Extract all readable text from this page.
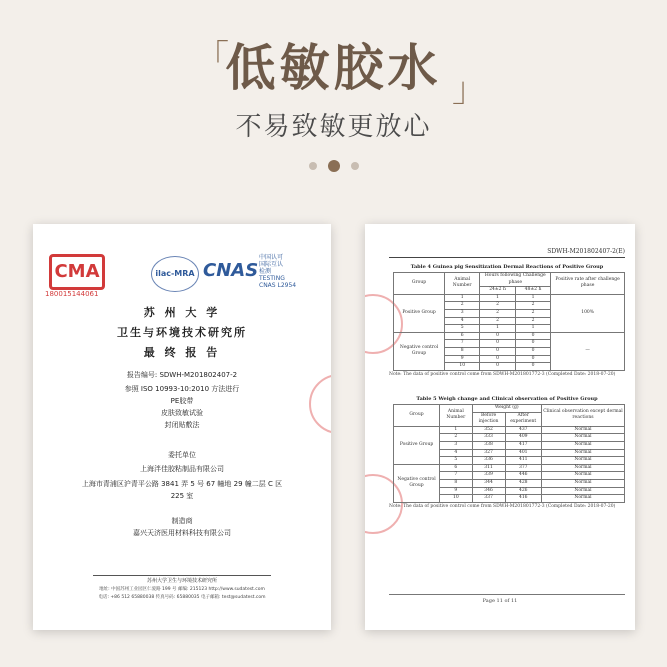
「
低敏胶水 」
不易致敏更放心
CMA
180015144061
ilac-MRA CNAS
中国认可
国际互认
检测
TESTING
CNAS L2954
苏 州 大 学
卫生与环境技术研究所
最 终 报 告
报告编号: SDWH-M201802407-2
参照 ISO 10993-10:2010 方法进行
PE胶带
皮肤致敏试验
封闭贴敷法
委托单位
上海泮佳胶粘制品有限公司
上海市青浦区沪青平公路 3841 弄 5 号 67 幢地 29 幢二层 C 区
225 室
制造商
嘉兴天济医用材料科技有限公司
苏州大学卫生与环境技术研究所
地址: 中国苏州工业园区仁爱路 199 号 邮编: 215123 http://www.sudatest.com
电话: +86 512 65880038 传真号码: 65880035 电子邮箱: test@sudatest.com
SDWH-M201802407-2(E)
Table 4 Guinea pig Sensitization Dermal Reactions of Positive Group
Group	Animal Number	Hours following Challenge phase		Positive rate after challenge phase
		24±2 h	48±2 h	
Positive Group	1	1	1	100%
	2	2	2	
	3	2	2	
	4	2	2	
	5	1	1	
Negative control Group	6	0	0	—
	7	0	0	
	8	0	0	
	9	0	0	
	10	0	0	
Note: The data of positive control come from SDWH-M201801772-3 (Completed Date: 2018-07-20)
Table 5 Weigh change and Clinical observation of Positive Group
Group	Animal Number	Weight (g)		Clinical observation except dermal reactions
		Before injection	After experiment	
Positive Group	1	352	437	Normal
	2	333	409	Normal
	3	338	417	Normal
	4	327	401	Normal
	5	336	411	Normal
Negative control Group	6	311	377	Normal
	7	339	446	Normal
	8	344	428	Normal
	9	346	426	Normal
	10	337	416	Normal
Note: The data of positive control come from SDWH-M201801772-3 (Completed Date: 2018-07-20)
Page 11 of 11
